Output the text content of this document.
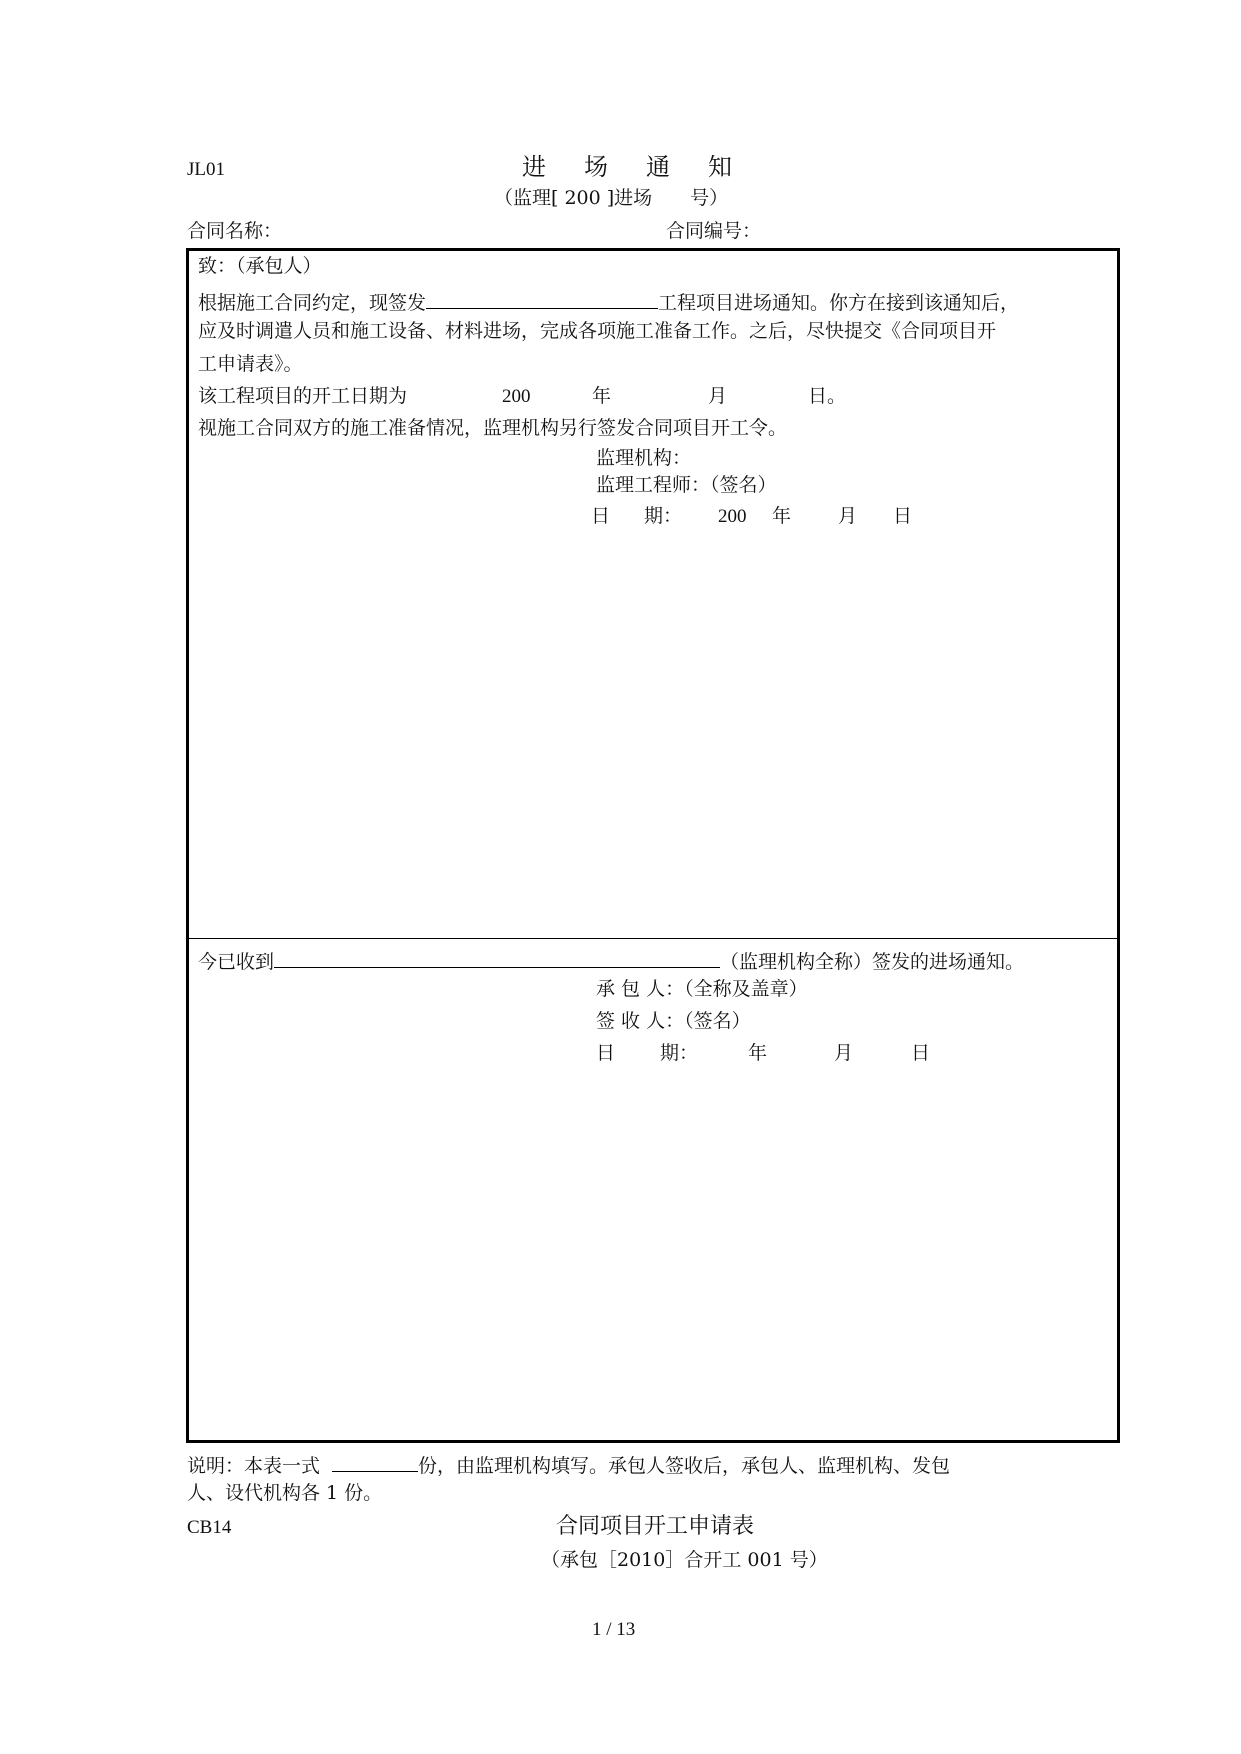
JL01	进 场 通 知
（监理[ 200 ]进场　　号）
合同名称：	合同编号：
致：（承包人）
根据施工合同约定，现签发	工程项目进场通知。你方在接到该通知后，
应及时调遣人员和施工设备、材料进场，完成各项施工准备工作。之后，尽快提交《合同项目开
工申请表》。
该工程项目的开工日期为	200	年	月	日。
视施工合同双方的施工准备情况，监理机构另行签发合同项目开工令。
监理机构：
监理工程师：（签名）
日 期： 200 年 月 日
今已收到	（监理机构全称）签发的进场通知。
承 包 人：（全称及盖章）
签 收 人：（签名）
日 期：	年	月	日
说明：本表一式	份，由监理机构填写。承包人签收后，承包人、监理机构、发包
人、设代机构各 1 份。
CB14	合同项目开工申请表
（承包［2010］合开工 001 号）
1 / 13
